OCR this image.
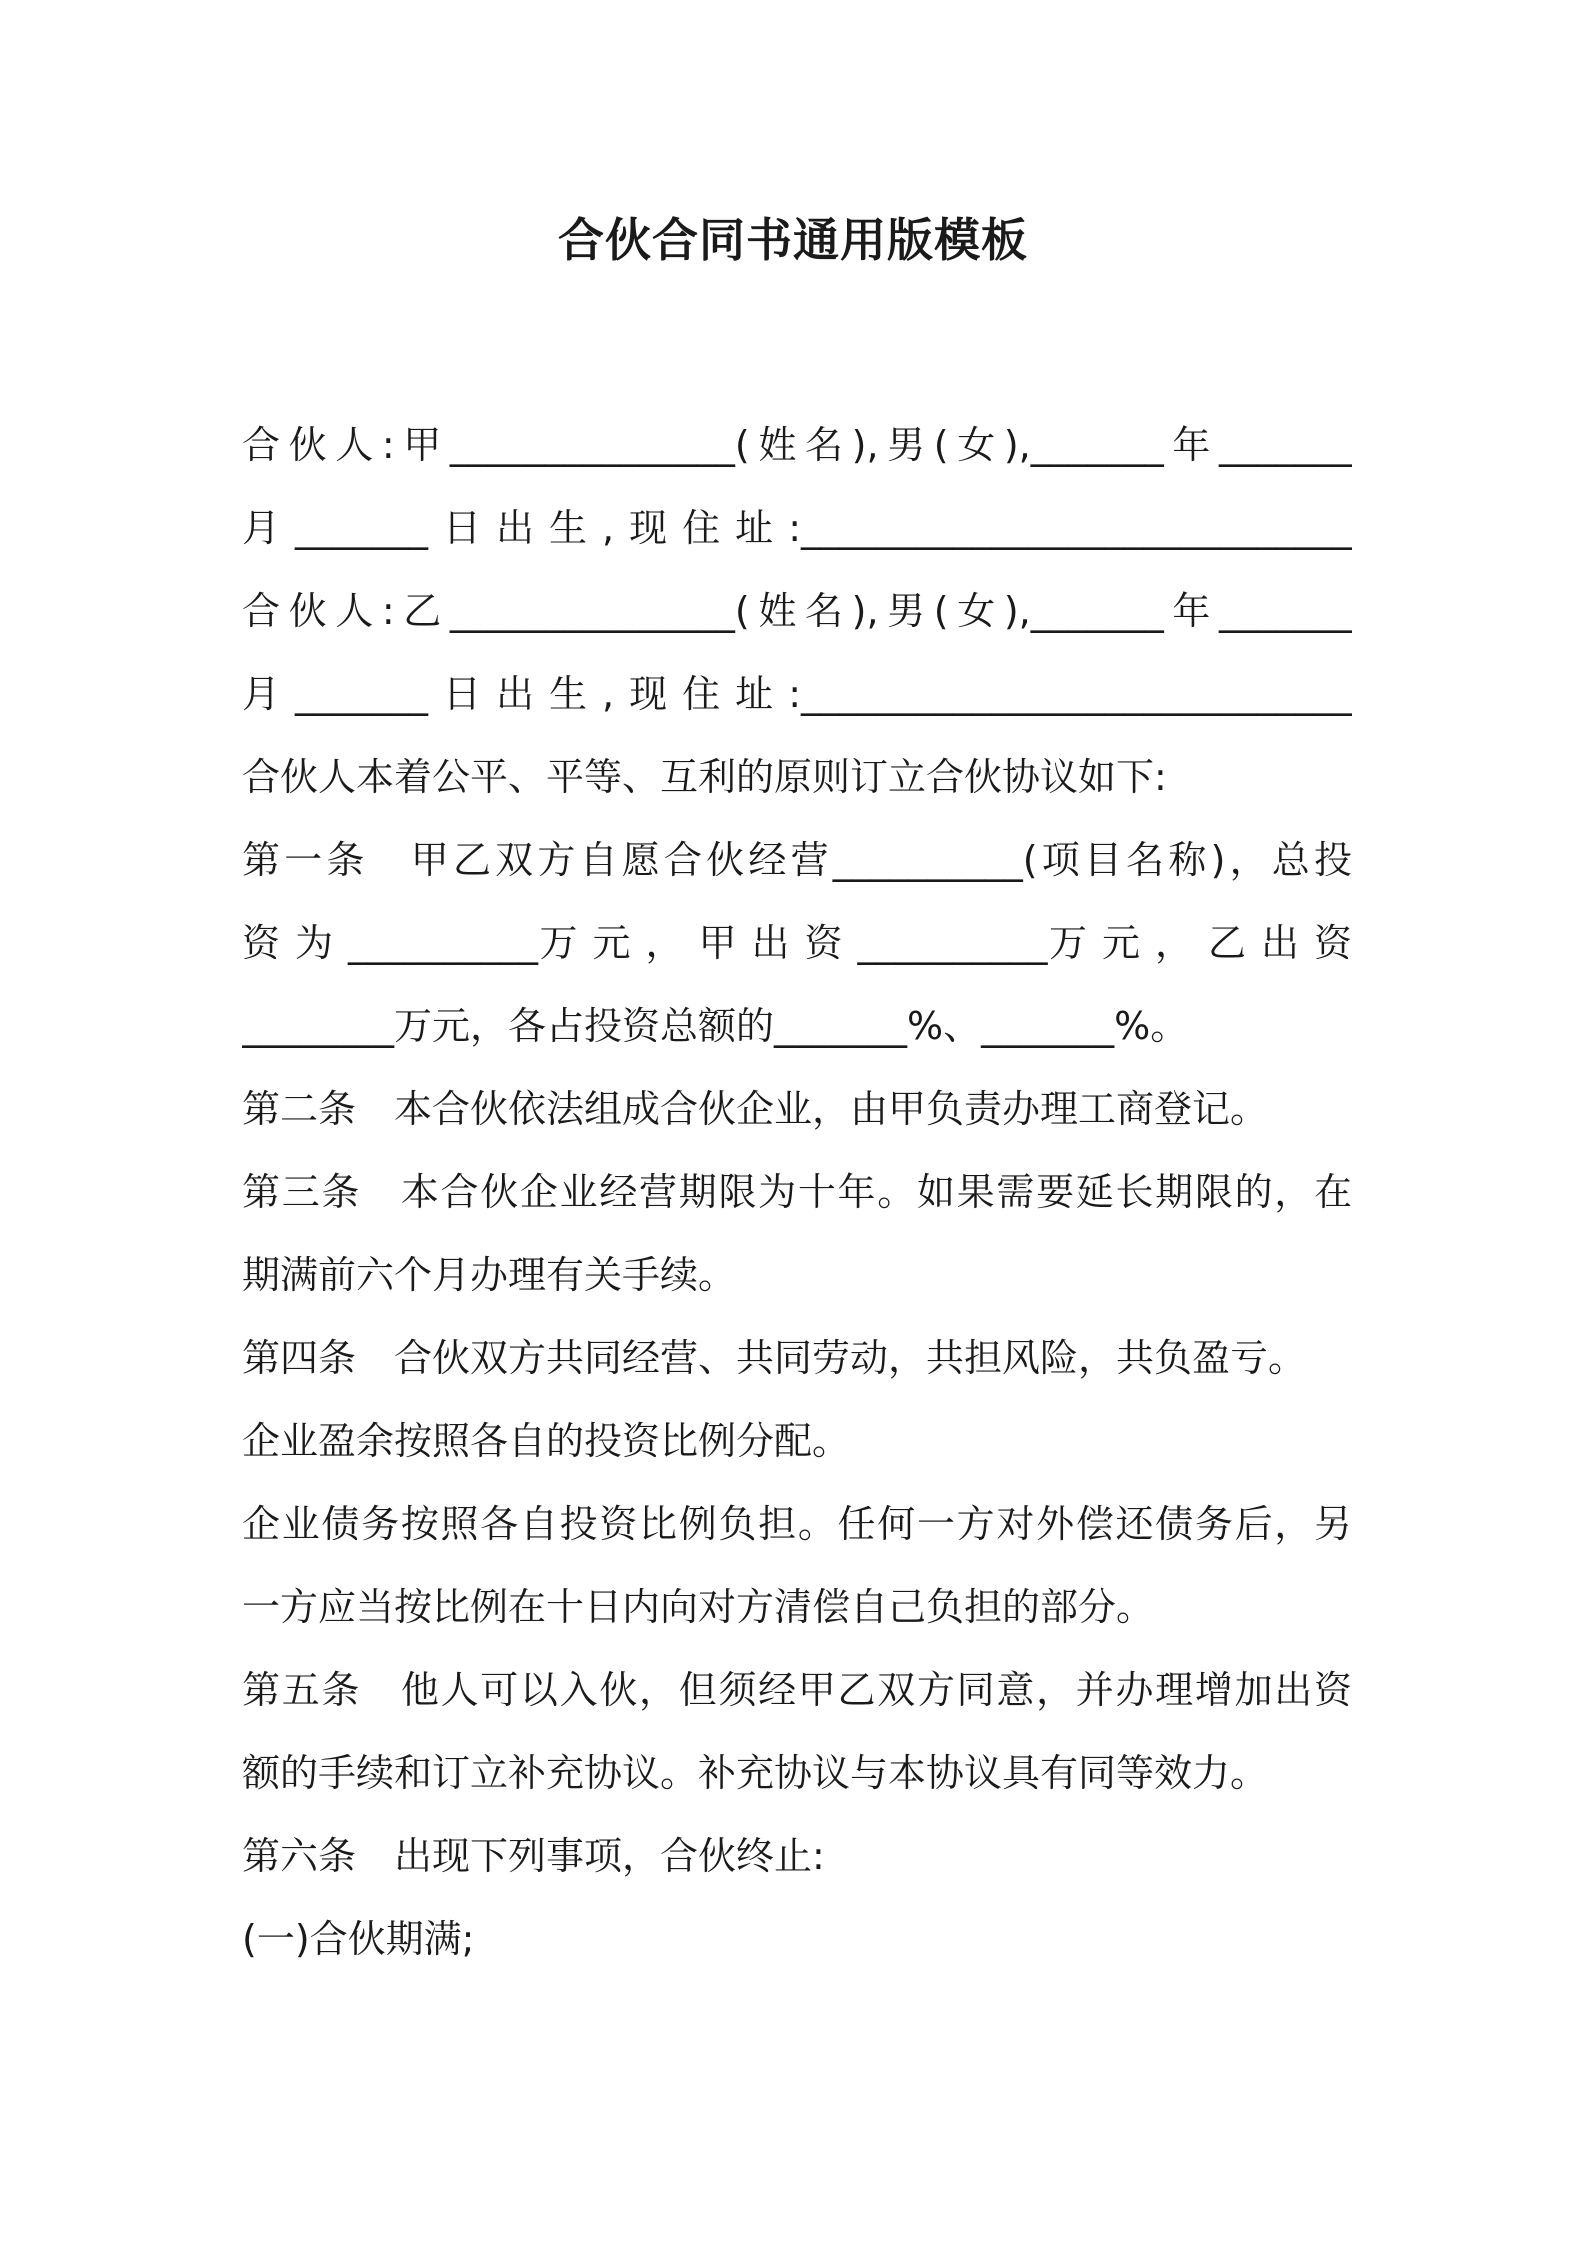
合伙合同书通用版模板
合伙人:甲_______________(姓名),男(女),_______年_______
月_______日出生,现住址:_____________________________
合伙人:乙_______________(姓名),男(女),_______年_______
月_______日出生,现住址:_____________________________
合伙人本着公平、平等、互利的原则订立合伙协议如下:
第一条　甲乙双方自愿合伙经营__________(项目名称)，总投
资 为 __________万 元 ， 甲 出 资 __________万 元 ， 乙 出 资
________万元，各占投资总额的_______%、_______%。
第二条　本合伙依法组成合伙企业，由甲负责办理工商登记。
第三条　本合伙企业经营期限为十年。如果需要延长期限的，在
期满前六个月办理有关手续。
第四条　合伙双方共同经营、共同劳动，共担风险，共负盈亏。
企业盈余按照各自的投资比例分配。
企业债务按照各自投资比例负担。任何一方对外偿还债务后，另
一方应当按比例在十日内向对方清偿自己负担的部分。
第五条　他人可以入伙，但须经甲乙双方同意，并办理增加出资
额的手续和订立补充协议。补充协议与本协议具有同等效力。
第六条　出现下列事项，合伙终止:
(一)合伙期满;
